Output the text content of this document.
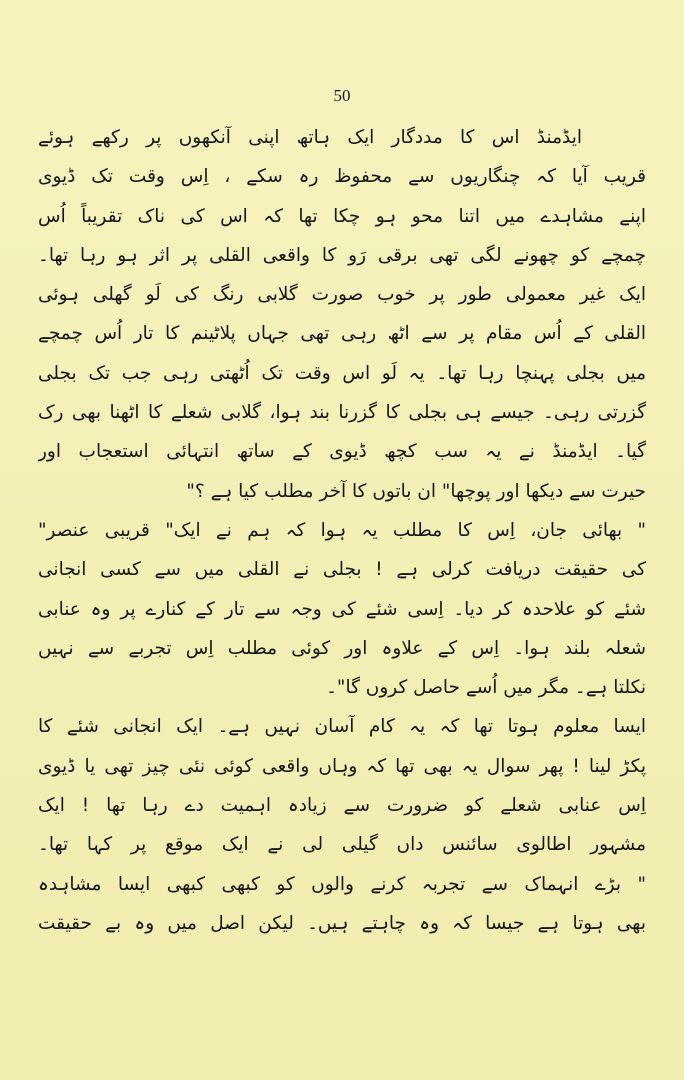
50
ایڈمنڈ اس کا مددگار ایک ہاتھ اپنی آنکھوں پر رکھے ہوئے
قریب آیا کہ چنگاریوں سے محفوظ رہ سکے ، اِس وقت تک ڈیوی
اپنے مشاہدے میں اتنا محو ہو چکا تھا کہ اس کی ناک تقریباً اُس
چمچے کو چھونے لگی تھی برقی رَو کا واقعی القلی پر اثر ہو رہا تھا۔
ایک غیر معمولی طور پر خوب صورت گلابی رنگ کی لَو گھلی ہوئی
القلی کے اُس مقام پر سے اٹھ رہی تھی جہاں پلاٹینم کا تار اُس چمچے
میں بجلی پہنچا رہا تھا۔ یہ لَو اس وقت تک اُٹھتی رہی جب تک بجلی
گزرتی رہی۔ جیسے ہی بجلی کا گزرنا بند ہوا، گلابی شعلے کا اٹھنا بھی رک
گیا۔ ایڈمنڈ نے یہ سب کچھ ڈیوی کے ساتھ انتہائی استعجاب اور
حیرت سے دیکھا اور پوچھا" ان باتوں کا آخر مطلب کیا ہے ؟"
" بھائی جان، اِس کا مطلب یہ ہوا کہ ہم نے ایک" قریبی عنصر"
کی حقیقت دریافت کرلی ہے ! بجلی نے القلی میں سے کسی انجانی
شئے کو علاحدہ کر دیا۔ اِسی شئے کی وجہ سے تار کے کنارے پر وہ عنابی
شعلہ بلند ہوا۔ اِس کے علاوہ اور کوئی مطلب اِس تجربے سے نہیں
نکلتا ہے۔ مگر میں اُسے حاصل کروں گا"۔
ایسا معلوم ہوتا تھا کہ یہ کام آسان نہیں ہے۔ ایک انجانی شئے کا
پکڑ لینا ! پھر سوال یہ بھی تھا کہ وہاں واقعی کوئی نئی چیز تھی یا ڈیوی
اِس عنابی شعلے کو ضرورت سے زیادہ اہمیت دے رہا تھا ! ایک
مشہور اطالوی سائنس داں گیلی لی نے ایک موقع پر کہا تھا۔
" بڑے انہماک سے تجربہ کرنے والوں کو کبھی کبھی ایسا مشاہدہ
بھی ہوتا ہے جیسا کہ وہ چاہتے ہیں۔ لیکن اصل میں وہ بے حقیقت
